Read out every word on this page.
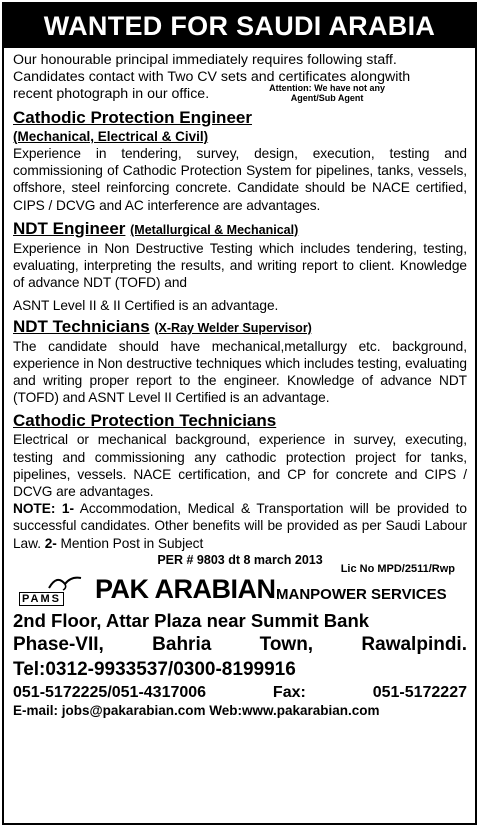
WANTED FOR SAUDI ARABIA
Our honourable principal immediately requires following staff.
Candidates contact with Two CV sets and certificates alongwith
recent photograph in our office.	Attention: We have not any
Agent/Sub Agent
Cathodic Protection Engineer
(Mechanical, Electrical & Civil)

Experience in tendering, survey, design, execution, testing and commissioning of Cathodic Protection System for pipelines, tanks, vessels, offshore, steel reinforcing concrete. Candidate should be NACE certified, CIPS / DCVG and AC interference are advantages.

NDT Engineer (Metallurgical & Mechanical)

Experience in Non Destructive Testing which includes tendering, testing, evaluating, interpreting the results, and writing report to client. Knowledge of advance NDT (TOFD) and

ASNT Level II & II Certified is an advantage.

NDT Technicians (X-Ray Welder Supervisor)

The candidate should have mechanical,metallurgy etc. background, experience in Non destructive techniques which includes testing, evaluating and writing proper report to the engineer. Knowledge of advance NDT (TOFD) and ASNT Level II Certified is an advantage.

Cathodic Protection Technicians

Electrical or mechanical background, experience in survey, executing, testing and commissioning any cathodic protection project for tanks, pipelines, vessels. NACE certification, and CP for concrete and CIPS / DCVG are advantages.

NOTE: 1- Accommodation, Medical & Transportation will be provided to successful candidates. Other benefits will be provided as per Saudi Labour Law. 2- Mention Post in Subject

PER # 9803 dt 8 march 2013
PAMS PAK ARABIAN MANPOWER SERVICES
Lic No MPD/2511/Rwp
2nd Floor, Attar Plaza near Summit Bank
Phase-VII, Bahria Town, Rawalpindi.
Tel:0312-9933537/0300-8199916
051-5172225/051-4317006 Fax: 051-5172227
E-mail: jobs@pakarabian.com Web:www.pakarabian.com
